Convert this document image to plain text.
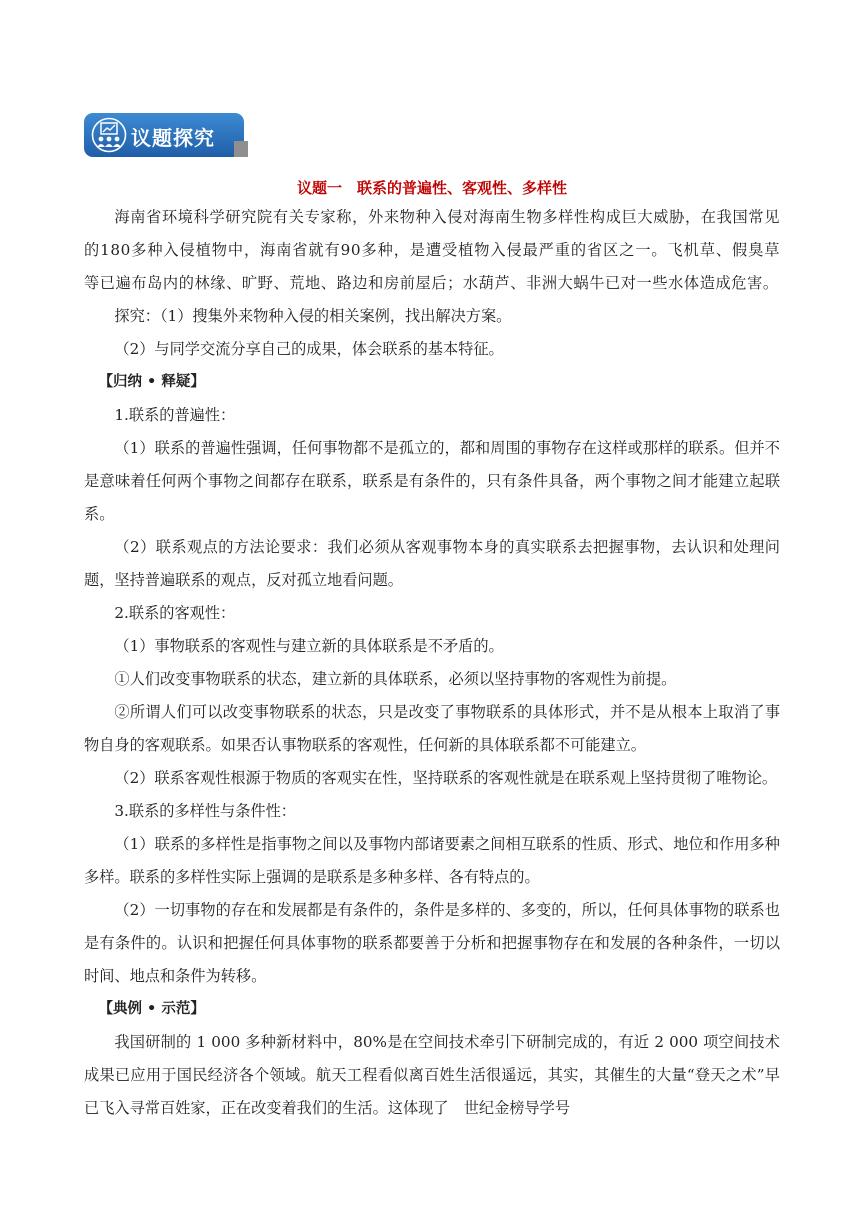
议题探究

议题一　联系的普遍性、客观性、多样性

海南省环境科学研究院有关专家称，外来物种入侵对海南生物多样性构成巨大威胁，在我国常见的180多种入侵植物中，海南省就有90多种，是遭受植物入侵最严重的省区之一。飞机草、假臭草等已遍布岛内的林缘、旷野、荒地、路边和房前屋后；水葫芦、非洲大蜗牛已对一些水体造成危害。

探究：（1）搜集外来物种入侵的相关案例，找出解决方案。

（2）与同学交流分享自己的成果，体会联系的基本特征。

【归纳 • 释疑】

1.联系的普遍性：

（1）联系的普遍性强调，任何事物都不是孤立的，都和周围的事物存在这样或那样的联系。但并不是意味着任何两个事物之间都存在联系，联系是有条件的，只有条件具备，两个事物之间才能建立起联系。

（2）联系观点的方法论要求：我们必须从客观事物本身的真实联系去把握事物，去认识和处理问题，坚持普遍联系的观点，反对孤立地看问题。

2.联系的客观性：

（1）事物联系的客观性与建立新的具体联系是不矛盾的。

①人们改变事物联系的状态，建立新的具体联系，必须以坚持事物的客观性为前提。

②所谓人们可以改变事物联系的状态，只是改变了事物联系的具体形式，并不是从根本上取消了事物自身的客观联系。如果否认事物联系的客观性，任何新的具体联系都不可能建立。

（2）联系客观性根源于物质的客观实在性，坚持联系的客观性就是在联系观上坚持贯彻了唯物论。

3.联系的多样性与条件性：

（1）联系的多样性是指事物之间以及事物内部诸要素之间相互联系的性质、形式、地位和作用多种多样。联系的多样性实际上强调的是联系是多种多样、各有特点的。

（2）一切事物的存在和发展都是有条件的，条件是多样的、多变的，所以，任何具体事物的联系也是有条件的。认识和把握任何具体事物的联系都要善于分析和把握事物存在和发展的各种条件，一切以时间、地点和条件为转移。

【典例 • 示范】

我国研制的 1 000 多种新材料中，80%是在空间技术牵引下研制完成的，有近 2 000 项空间技术成果已应用于国民经济各个领域。航天工程看似离百姓生活很遥远，其实，其催生的大量“登天之术”早已飞入寻常百姓家，正在改变着我们的生活。这体现了　世纪金榜导学号
